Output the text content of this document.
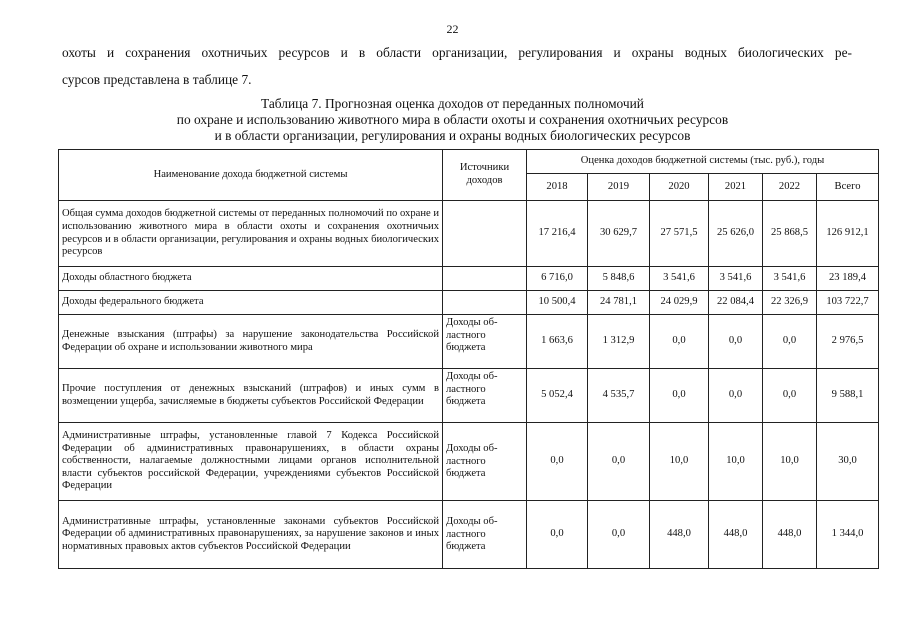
22
охоты и сохранения охотничьих ресурсов и в области организации, регулирования и охраны водных биологических ре-
сурсов представлена в таблице 7.
Таблица 7. Прогнозная оценка доходов от переданных полномочий
по охране и использованию животного мира в области охоты и сохранения охотничьих ресурсов
и в области организации, регулирования и охраны водных биологических ресурсов
Наименование дохода бюджетной системы	Источники доходов	Оценка доходов бюджетной системы (тыс. руб.), годы					
		2018	2019	2020	2021	2022	Всего
Общая сумма доходов бюджетной системы от переданных полномочий по охране и использованию животного мира в области охоты и сохранения охотничьих ресурсов и в области организации, регулирования и охраны водных биологических ресурсов		17 216,4	30 629,7	27 571,5	25 626,0	25 868,5	126 912,1
Доходы областного бюджета		6 716,0	5 848,6	3 541,6	3 541,6	3 541,6	23 189,4
Доходы федерального бюджета		10 500,4	24 781,1	24 029,9	22 084,4	22 326,9	103 722,7
Денежные взыскания (штрафы) за нарушение законодательства Российской Федерации об охране и использовании животного мира	Доходы об-ластного бюджета	1 663,6	1 312,9	0,0	0,0	0,0	2 976,5
Прочие поступления от денежных взысканий (штрафов) и иных сумм в возмещении ущерба, зачисляемые в бюджеты субъектов Российской Федерации	Доходы об-ластного бюджета	5 052,4	4 535,7	0,0	0,0	0,0	9 588,1
Административные штрафы, установленные главой 7 Кодекса Российской Федерации об административных правонарушениях, в области охраны собственности, налагаемые должностными лицами органов исполнительной власти субъектов российской Федерации, учреждениями субъектов Российской Федерации	Доходы об-ластного бюджета	0,0	0,0	10,0	10,0	10,0	30,0
Административные штрафы, установленные законами субъектов Российской Федерации об административных правонарушениях, за нарушение законов и иных нормативных правовых актов субъектов Российской Федерации	Доходы об-ластного бюджета	0,0	0,0	448,0	448,0	448,0	1 344,0
